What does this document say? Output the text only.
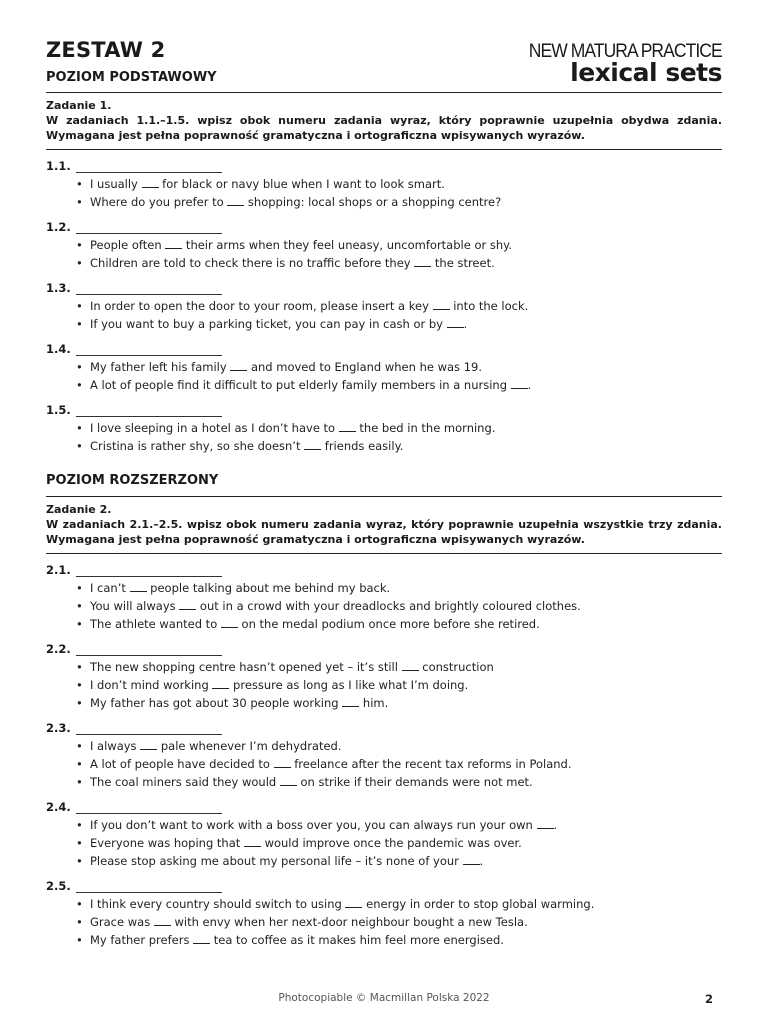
ZESTAW 2
POZIOM PODSTAWOWY
NEW MATURA PRACTICE
lexical sets
Zadanie 1.
W zadaniach 1.1.–1.5. wpisz obok numeru zadania wyraz, który poprawnie uzupełnia obydwa zdania. Wymagana jest pełna poprawność gramatyczna i ortograficzna wpisywanych wyrazów.
1.1.
• I usually  for black or navy blue when I want to look smart.
• Where do you prefer to  shopping: local shops or a shopping centre?
1.2.
• People often  their arms when they feel uneasy, uncomfortable or shy.
• Children are told to check there is no traffic before they  the street.
1.3.
• In order to open the door to your room, please insert a key  into the lock.
• If you want to buy a parking ticket, you can pay in cash or by .
1.4.
• My father left his family  and moved to England when he was 19.
• A lot of people find it difficult to put elderly family members in a nursing .
1.5.
• I love sleeping in a hotel as I don’t have to  the bed in the morning.
• Cristina is rather shy, so she doesn’t  friends easily.
POZIOM ROZSZERZONY
Zadanie 2.
W zadaniach 2.1.–2.5. wpisz obok numeru zadania wyraz, który poprawnie uzupełnia wszystkie trzy zdania. Wymagana jest pełna poprawność gramatyczna i ortograficzna wpisywanych wyrazów.
2.1.
• I can’t  people talking about me behind my back.
• You will always  out in a crowd with your dreadlocks and brightly coloured clothes.
• The athlete wanted to  on the medal podium once more before she retired.
2.2.
• The new shopping centre hasn’t opened yet – it’s still  construction
• I don’t mind working  pressure as long as I like what I’m doing.
• My father has got about 30 people working  him.
2.3.
• I always  pale whenever I’m dehydrated.
• A lot of people have decided to  freelance after the recent tax reforms in Poland.
• The coal miners said they would  on strike if their demands were not met.
2.4.
• If you don’t want to work with a boss over you, you can always run your own .
• Everyone was hoping that  would improve once the pandemic was over.
• Please stop asking me about my personal life – it’s none of your .
2.5.
• I think every country should switch to using  energy in order to stop global warming.
• Grace was  with envy when her next-door neighbour bought a new Tesla.
• My father prefers  tea to coffee as it makes him feel more energised.
Photocopiable © Macmillan Polska 2022	2
